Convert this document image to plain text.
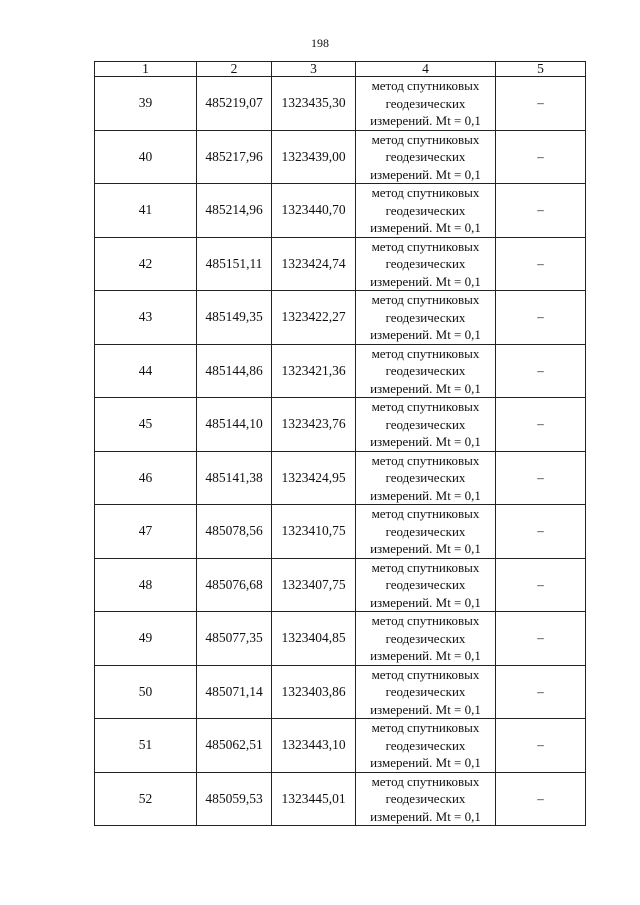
198
1	2	3	4	5
39	485219,07	1323435,30	метод спутниковых
геодезических
измерений. Mt = 0,1	–
40	485217,96	1323439,00	метод спутниковых
геодезических
измерений. Mt = 0,1	–
41	485214,96	1323440,70	метод спутниковых
геодезических
измерений. Mt = 0,1	–
42	485151,11	1323424,74	метод спутниковых
геодезических
измерений. Mt = 0,1	–
43	485149,35	1323422,27	метод спутниковых
геодезических
измерений. Mt = 0,1	–
44	485144,86	1323421,36	метод спутниковых
геодезических
измерений. Mt = 0,1	–
45	485144,10	1323423,76	метод спутниковых
геодезических
измерений. Mt = 0,1	–
46	485141,38	1323424,95	метод спутниковых
геодезических
измерений. Mt = 0,1	–
47	485078,56	1323410,75	метод спутниковых
геодезических
измерений. Mt = 0,1	–
48	485076,68	1323407,75	метод спутниковых
геодезических
измерений. Mt = 0,1	–
49	485077,35	1323404,85	метод спутниковых
геодезических
измерений. Mt = 0,1	–
50	485071,14	1323403,86	метод спутниковых
геодезических
измерений. Mt = 0,1	–
51	485062,51	1323443,10	метод спутниковых
геодезических
измерений. Mt = 0,1	–
52	485059,53	1323445,01	метод спутниковых
геодезических
измерений. Mt = 0,1	–
